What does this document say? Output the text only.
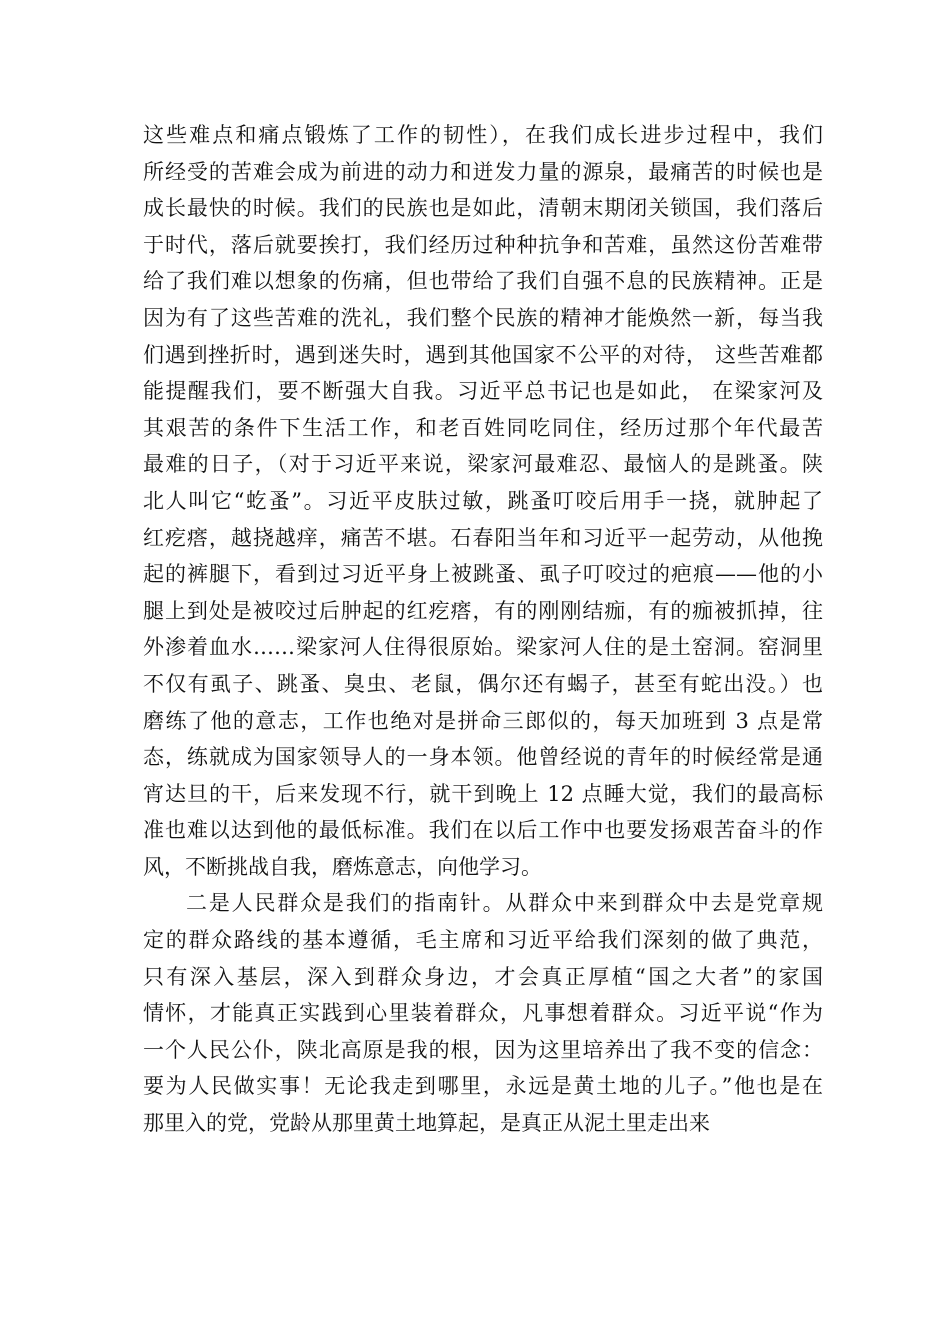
这些难点和痛点锻炼了工作的韧性），在我们成长进步过程中，我们
所经受的苦难会成为前进的动力和迸发力量的源泉，最痛苦的时候也是
成长最快的时候。我们的民族也是如此，清朝末期闭关锁国，我们落后
于时代，落后就要挨打，我们经历过种种抗争和苦难，虽然这份苦难带
给了我们难以想象的伤痛，但也带给了我们自强不息的民族精神。正是
因为有了这些苦难的洗礼，我们整个民族的精神才能焕然一新，每当我
们遇到挫折时，遇到迷失时，遇到其他国家不公平的对待， 这些苦难都
能提醒我们，要不断强大自我。习近平总书记也是如此， 在梁家河及
其艰苦的条件下生活工作，和老百姓同吃同住，经历过那个年代最苦
最难的日子，（对于习近平来说，梁家河最难忍、最恼人的是跳蚤。陕
北人叫它“虼蚤”。习近平皮肤过敏，跳蚤叮咬后用手一挠，就肿起了
红疙瘩，越挠越痒，痛苦不堪。石春阳当年和习近平一起劳动，从他挽
起的裤腿下，看到过习近平身上被跳蚤、虱子叮咬过的疤痕——他的小
腿上到处是被咬过后肿起的红疙瘩，有的刚刚结痂，有的痂被抓掉，往
外渗着血水……梁家河人住得很原始。梁家河人住的是土窑洞。窑洞里
不仅有虱子、跳蚤、臭虫、老鼠，偶尔还有蝎子，甚至有蛇出没。）也
磨练了他的意志，工作也绝对是拼命三郎似的，每天加班到 3 点是常
态，练就成为国家领导人的一身本领。他曾经说的青年的时候经常是通
宵达旦的干，后来发现不行，就干到晚上 12 点睡大觉，我们的最高标
准也难以达到他的最低标准。我们在以后工作中也要发扬艰苦奋斗的作
风，不断挑战自我，磨炼意志，向他学习。
二是人民群众是我们的指南针。从群众中来到群众中去是党章规
定的群众路线的基本遵循，毛主席和习近平给我们深刻的做了典范，
只有深入基层，深入到群众身边，才会真正厚植“国之大者”的家国
情怀，才能真正实践到心里装着群众，凡事想着群众。习近平说“作为
一个人民公仆，陕北高原是我的根，因为这里培养出了我不变的信念：
要为人民做实事！无论我走到哪里，永远是黄土地的儿子。”他也是在
那里入的党，党龄从那里黄土地算起，是真正从泥土里走出来
